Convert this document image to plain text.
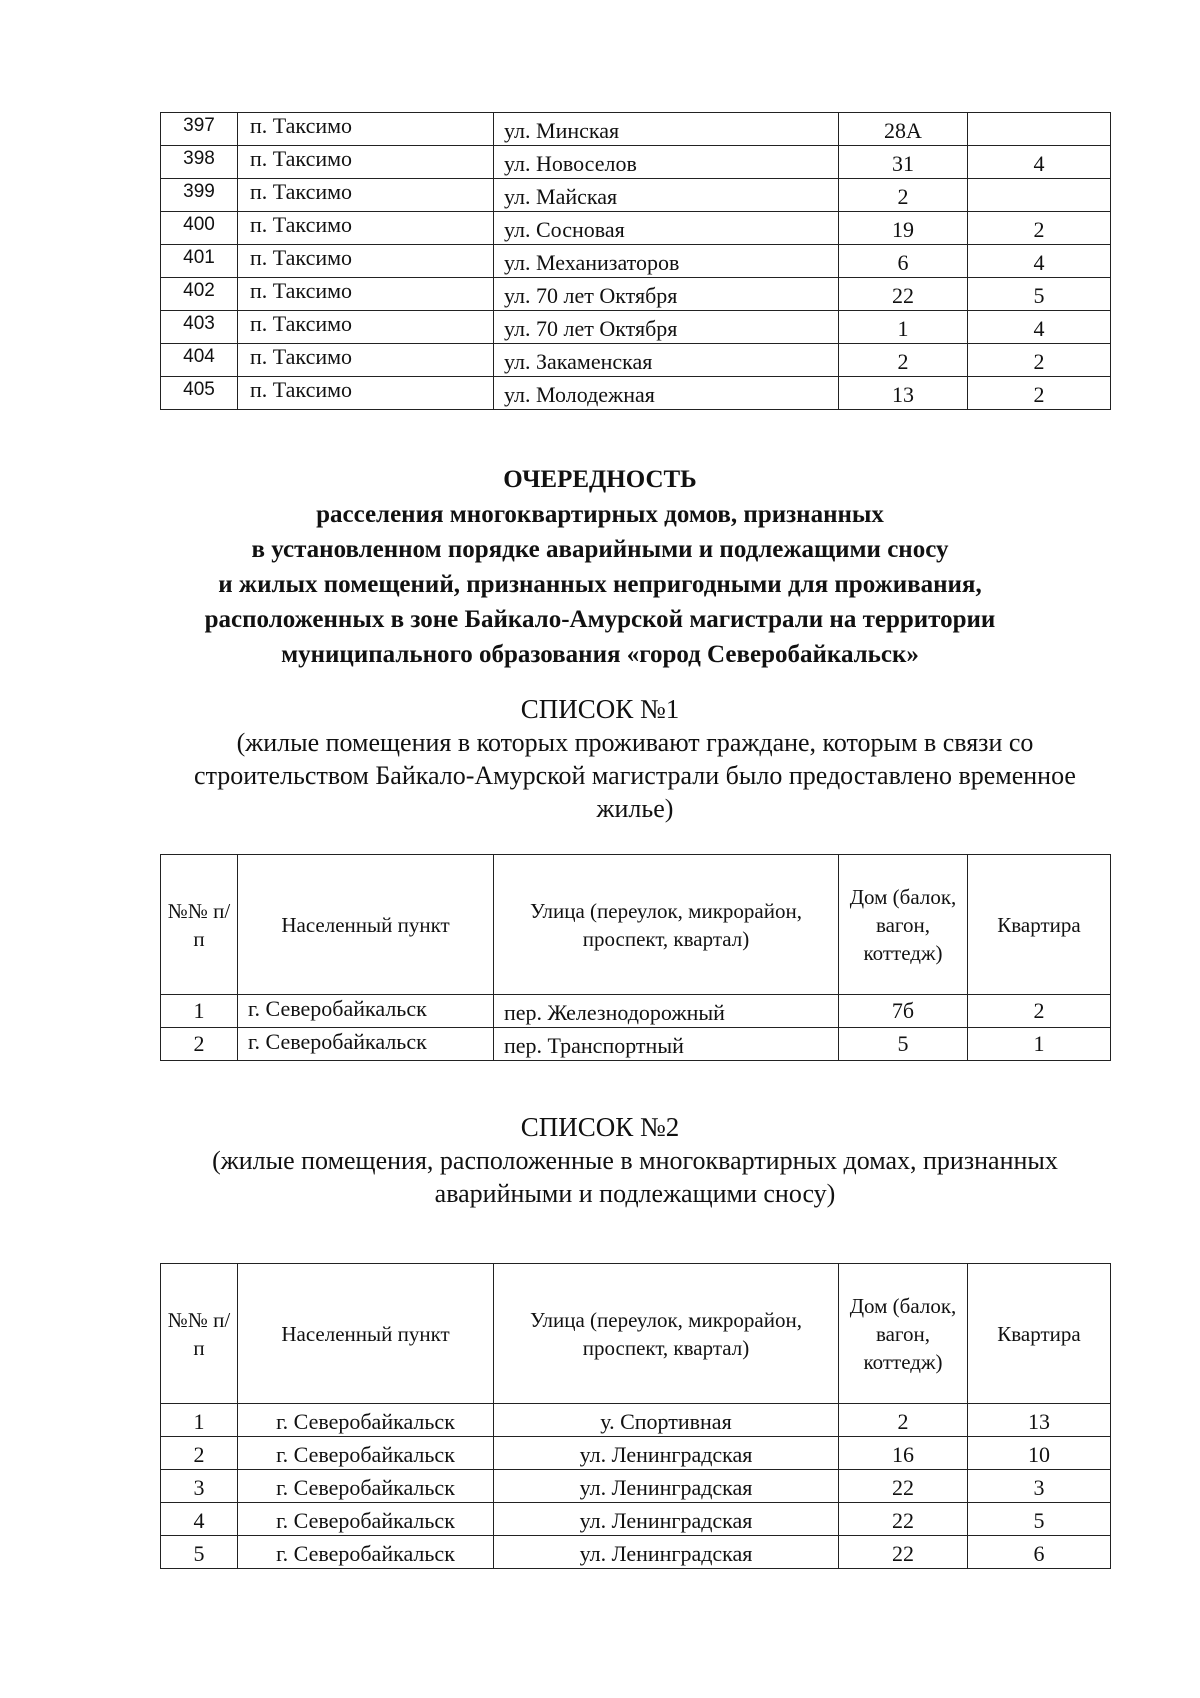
397	п. Таксимо	ул. Минская	28А	
398	п. Таксимо	ул. Новоселов	31	4
399	п. Таксимо	ул. Майская	2	
400	п. Таксимо	ул. Сосновая	19	2
401	п. Таксимо	ул. Механизаторов	6	4
402	п. Таксимо	ул. 70 лет Октября	22	5
403	п. Таксимо	ул. 70 лет Октября	1	4
404	п. Таксимо	ул. Закаменская	2	2
405	п. Таксимо	ул. Молодежная	13	2
ОЧЕРЕДНОСТЬ
расселения многоквартирных домов, признанных
в установленном порядке аварийными и подлежащими сносу
и жилых помещений, признанных непригодными для проживания,
расположенных в зоне Байкало-Амурской магистрали на территории
муниципального образования «город Северобайкальск»
СПИСОК №1
(жилые помещения в которых проживают граждане, которым в связи со строительством Байкало-Амурской магистрали было предоставлено временное жилье)
№№ п/п	Населенный пункт	Улица (переулок, микрорайон, проспект, квартал)	Дом (балок, вагон, коттедж)	Квартира
1	г. Северобайкальск	пер. Железнодорожный	7б	2
2	г. Северобайкальск	пер. Транспортный	5	1
СПИСОК №2
(жилые помещения, расположенные в многоквартирных домах, признанных аварийными и подлежащими сносу)
№№ п/п	Населенный пункт	Улица (переулок, микрорайон, проспект, квартал)	Дом (балок, вагон, коттедж)	Квартира
1	г. Северобайкальск	у. Спортивная	2	13
2	г. Северобайкальск	ул. Ленинградская	16	10
3	г. Северобайкальск	ул. Ленинградская	22	3
4	г. Северобайкальск	ул. Ленинградская	22	5
5	г. Северобайкальск	ул. Ленинградская	22	6
